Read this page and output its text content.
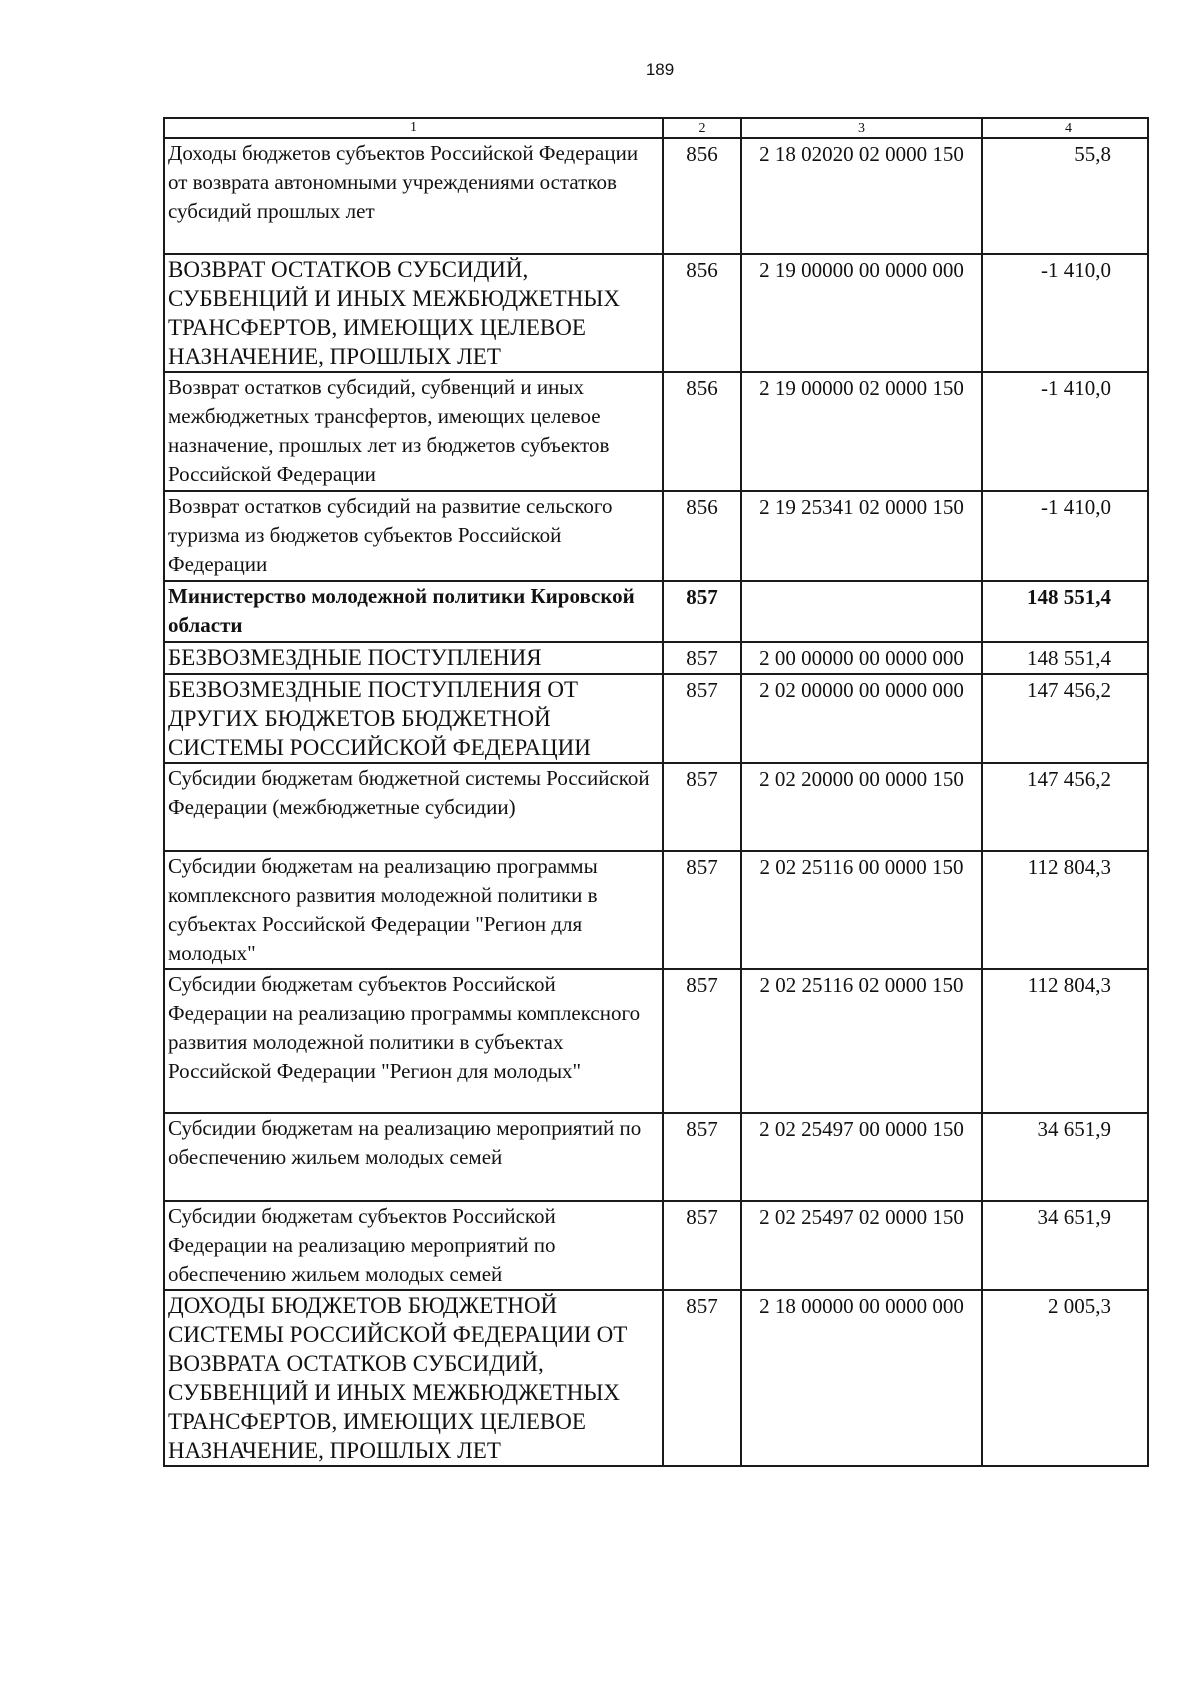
189
1	2	3	4
Доходы бюджетов субъектов Российской Федерации от возврата автономными учреждениями остатков субсидий прошлых лет	856	2 18 02020 02 0000 150	55,8
ВОЗВРАТ ОСТАТКОВ СУБСИДИЙ, СУБВЕНЦИЙ И ИНЫХ МЕЖБЮДЖЕТНЫХ ТРАНСФЕРТОВ, ИМЕЮЩИХ ЦЕЛЕВОЕ НАЗНАЧЕНИЕ, ПРОШЛЫХ ЛЕТ	856	2 19 00000 00 0000 000	-1 410,0
Возврат остатков субсидий, субвенций и иных межбюджетных трансфертов, имеющих целевое назначение, прошлых лет из бюджетов субъектов Российской Федерации	856	2 19 00000 02 0000 150	-1 410,0
Возврат остатков субсидий на развитие сельского туризма из бюджетов субъектов Российской Федерации	856	2 19 25341 02 0000 150	-1 410,0
Министерство молодежной политики Кировской области	857		148 551,4
БЕЗВОЗМЕЗДНЫЕ ПОСТУПЛЕНИЯ	857	2 00 00000 00 0000 000	148 551,4
БЕЗВОЗМЕЗДНЫЕ ПОСТУПЛЕНИЯ ОТ ДРУГИХ БЮДЖЕТОВ БЮДЖЕТНОЙ СИСТЕМЫ РОССИЙСКОЙ ФЕДЕРАЦИИ	857	2 02 00000 00 0000 000	147 456,2
Субсидии бюджетам бюджетной системы Российской Федерации (межбюджетные субсидии)	857	2 02 20000 00 0000 150	147 456,2
Субсидии бюджетам на реализацию программы комплексного развития молодежной политики в субъектах Российской Федерации "Регион для молодых"	857	2 02 25116 00 0000 150	112 804,3
Субсидии бюджетам субъектов Российской Федерации на реализацию программы комплексного развития молодежной политики в субъектах Российской Федерации "Регион для молодых"	857	2 02 25116 02 0000 150	112 804,3
Субсидии бюджетам на реализацию мероприятий по обеспечению жильем молодых семей	857	2 02 25497 00 0000 150	34 651,9
Субсидии бюджетам субъектов Российской Федерации на реализацию мероприятий по обеспечению жильем молодых семей	857	2 02 25497 02 0000 150	34 651,9
ДОХОДЫ БЮДЖЕТОВ БЮДЖЕТНОЙ СИСТЕМЫ РОССИЙСКОЙ ФЕДЕРАЦИИ ОТ ВОЗВРАТА ОСТАТКОВ СУБСИДИЙ, СУБВЕНЦИЙ И ИНЫХ МЕЖБЮДЖЕТНЫХ ТРАНСФЕРТОВ, ИМЕЮЩИХ ЦЕЛЕВОЕ НАЗНАЧЕНИЕ, ПРОШЛЫХ ЛЕТ	857	2 18 00000 00 0000 000	2 005,3
